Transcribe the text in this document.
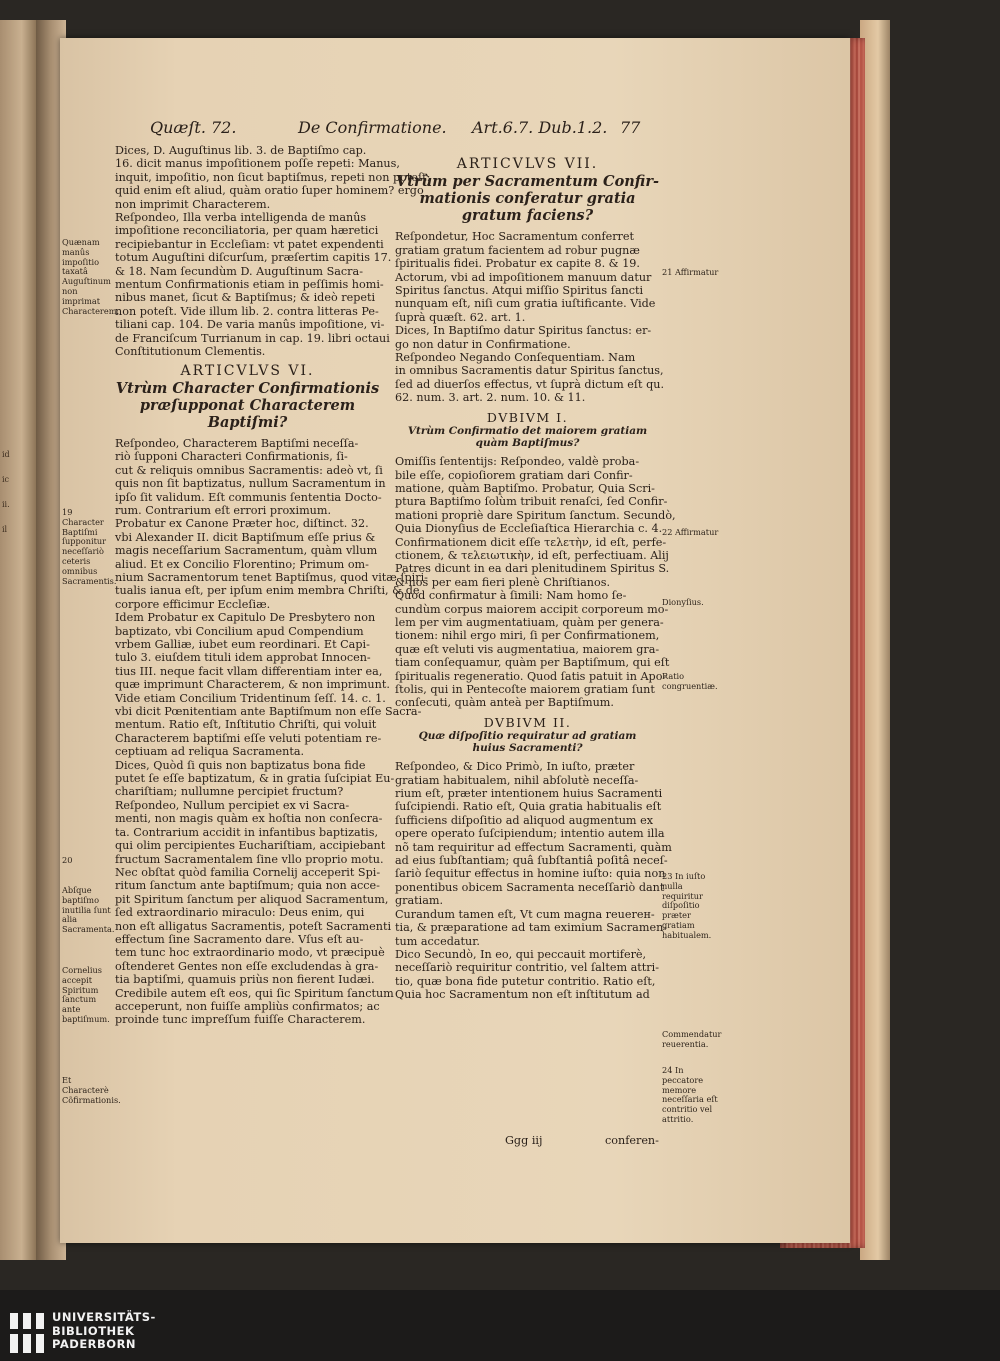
id
ic
ii.
il
Quæſt. 72.	De Confirmatione. Art.6.7. Dub.1.2. 77
Dices, D. Auguſtinus lib. 3. de Baptiſmo cap.
16. dicit manus impoſitionem poſſe repeti: Manus,
inquit, impoſitio, non ſicut baptiſmus, repeti non poteſt:
quid enim eſt aliud, quàm oratio ſuper hominem? ergo
non imprimit Characterem.
Reſpondeo, Illa verba intelligenda de manûs
impoſitione reconciliatoria, per quam hæretici
recipiebantur in Eccleſiam: vt patet expendenti
totum Auguſtini diſcurſum, præſertim capitis 17.
& 18. Nam ſecundùm D. Auguſtinum Sacra-
mentum Confirmationis etiam in peſſimis homi-
nibus manet, ſicut & Baptiſmus; & ideò repeti
non poteſt. Vide illum lib. 2. contra litteras Pe-
tiliani cap. 104. De varia manûs impoſitione, vi-
de Franciſcum Turrianum in cap. 19. libri octaui
Conſtitutionum Clementis.
ARTICVLVS VI.
Vtrùm Character Confirmationis
præſupponat Characterem
Baptiſmi?
Reſpondeo, Characterem Baptiſmi neceſſa-
riò ſupponi Characteri Confirmationis, ſi-
cut & reliquis omnibus Sacramentis: adeò vt, ſi
quis non ſit baptizatus, nullum Sacramentum in
ipſo ſit validum. Eſt communis ſententia Docto-
rum. Contrarium eſt errori proximum.
Probatur ex Canone Præter hoc, diſtinct. 32.
vbi Alexander II. dicit Baptiſmum eſſe prius &
magis neceſſarium Sacramentum, quàm vllum
aliud. Et ex Concilio Florentino; Primum om-
nium Sacramentorum tenet Baptiſmus, quod vitæ ſpiri-
tualis ianua eſt, per ipſum enim membra Chriſti, & de
corpore efficimur Eccleſiæ.
Idem Probatur ex Capitulo De Presbytero non
baptizato, vbi Concilium apud Compendium
vrbem Galliæ, iubet eum reordinari. Et Capi-
tulo 3. eiuſdem tituli idem approbat Innocen-
tius III. neque facit vllam differentiam inter ea,
quæ imprimunt Characterem, & non imprimunt.
Vide etiam Concilium Tridentinum ſeſſ. 14. c. 1.
vbi dicit Pœnitentiam ante Baptiſmum non eſſe Sacra-
mentum. Ratio eſt, Inſtitutio Chriſti, qui voluit
Characterem baptiſmi eſſe veluti potentiam re-
ceptiuam ad reliqua Sacramenta.
Dices, Quòd ſi quis non baptizatus bona fide
putet ſe eſſe baptizatum, & in gratia ſuſcipiat Eu-
chariſtiam; nullumne percipiet fructum?
Reſpondeo, Nullum percipiet ex vi Sacra-
menti, non magis quàm ex hoſtia non conſecra-
ta. Contrarium accidit in infantibus baptizatis,
qui olim percipientes Euchariſtiam, accipiebant
fructum Sacramentalem ſine vllo proprio motu.
Nec obſtat quòd familia Cornelij acceperit Spi-
ritum ſanctum ante baptiſmum; quia non acce-
pit Spiritum ſanctum per aliquod Sacramentum,
ſed extraordinario miraculo: Deus enim, qui
non eſt alligatus Sacramentis, poteſt Sacramenti
effectum ſine Sacramento dare. Vſus eſt au-
tem tunc hoc extraordinario modo, vt præcipuè
oſtenderet Gentes non eſſe excludendas à gra-
tia baptiſmi, quamuis priùs non fierent Iudæi.
Credibile autem eſt eos, qui ſic Spiritum ſanctum
acceperunt, non fuiſſe ampliùs confirmatos; ac
proinde tunc impreſſum fuiſſe Characterem.
ARTICVLVS VII.
Vtrùm per Sacramentum Confir-
mationis conferatur gratia
gratum faciens?
Reſpondetur, Hoc Sacramentum conferret
gratiam gratum facientem ad robur pugnæ
ſpiritualis fidei. Probatur ex capite 8. & 19.
Actorum, vbi ad impoſitionem manuum datur
Spiritus ſanctus. Atqui miſſio Spiritus ſancti
nunquam eſt, niſi cum gratia iuſtificante. Vide
ſuprà quæſt. 62. art. 1.
Dices, In Baptiſmo datur Spiritus ſanctus: er-
go non datur in Confirmatione.
Reſpondeo Negando Conſequentiam. Nam
in omnibus Sacramentis datur Spiritus ſanctus,
ſed ad diuerſos effectus, vt ſuprà dictum eſt qu.
62. num. 3. art. 2. num. 10. & 11.
DVBIVM I.
Vtrùm Confirmatio det maiorem gratiam
quàm Baptiſmus?
Omiſſis ſententijs: Reſpondeo, valdè proba-
bile eſſe, copioſiorem gratiam dari Confir-
matione, quàm Baptiſmo. Probatur, Quia Scri-
ptura Baptiſmo ſolùm tribuit renaſci, ſed Confir-
mationi propriè dare Spiritum ſanctum. Secundò,
Quia Dionyſius de Eccleſiaſtica Hierarchia c. 4.
Confirmationem dicit eſſe τελετὴν, id eſt, perfe-
ctionem, & τελειωτικὴν, id eſt, perfectiuam. Alij
Patres dicunt in ea dari plenitudinem Spiritus S.
& nos per eam fieri plenè Chriſtianos.
Quod confirmatur à ſimili: Nam homo ſe-
cundùm corpus maiorem accipit corporeum mo-
lem per vim augmentatiuam, quàm per genera-
tionem: nihil ergo miri, ſi per Confirmationem,
quæ eſt veluti vis augmentatiua, maiorem gra-
tiam conſequamur, quàm per Baptiſmum, qui eſt
ſpiritualis regeneratio. Quod ſatis patuit in Apo-
ſtolis, qui in Pentecoſte maiorem gratiam ſunt
conſecuti, quàm anteà per Baptiſmum.
DVBIVM II.
Quæ diſpoſitio requiratur ad gratiam
huius Sacramenti?
Reſpondeo, & Dico Primò, In iuſto, præter
gratiam habitualem, nihil abſolutè neceſſa-
rium eſt, præter intentionem huius Sacramenti
ſuſcipiendi. Ratio eſt, Quia gratia habitualis eſt
ſufficiens diſpoſitio ad aliquod augmentum ex
opere operato ſuſcipiendum; intentio autem illa
nõ tam requiritur ad effectum Sacramenti, quàm
ad eius ſubſtantiam; quâ ſubſtantiâ poſitâ neceſ-
ſariò ſequitur effectus in homine iuſto: quia non
ponentibus obicem Sacramenta neceſſariò dant
gratiam.
Curandum tamen eſt, Vt cum magna reuerен-
tia, & præparatione ad tam eximium Sacramen-
tum accedatur.
Dico Secundò, In eo, qui peccauit mortiferè,
neceſſariò requiritur contritio, vel ſaltem attri-
tio, quæ bona fide putetur contritio. Ratio eſt,
Quia hoc Sacramentum non eſt inſtitutum ad
Quænam manûs impoſitio taxatâ Auguſtinum non imprimat Characterem.
19 Character Baptiſmi ſupponitur neceſſariò ceteris omnibus Sacramentis.
20
Abſque baptiſmo inutilia ſunt alia Sacramenta.
Cornelius accepit Spiritum ſanctum ante baptiſmum.
Et Characterè Cõfirmationis.
21 Affirmatur
22 Affirmatur
Dionyſius.
Ratio congruentiæ.
23 In iuſto nulla requiritur diſpoſitio præter gratiam habitualem.
Commendatur reuerentia.
24 In peccatore memore neceſſaria eſt contritio vel attritio.
Ggg iij	conferen-
UNIVERSITÄTS-
BIBLIOTHEK
PADERBORN
